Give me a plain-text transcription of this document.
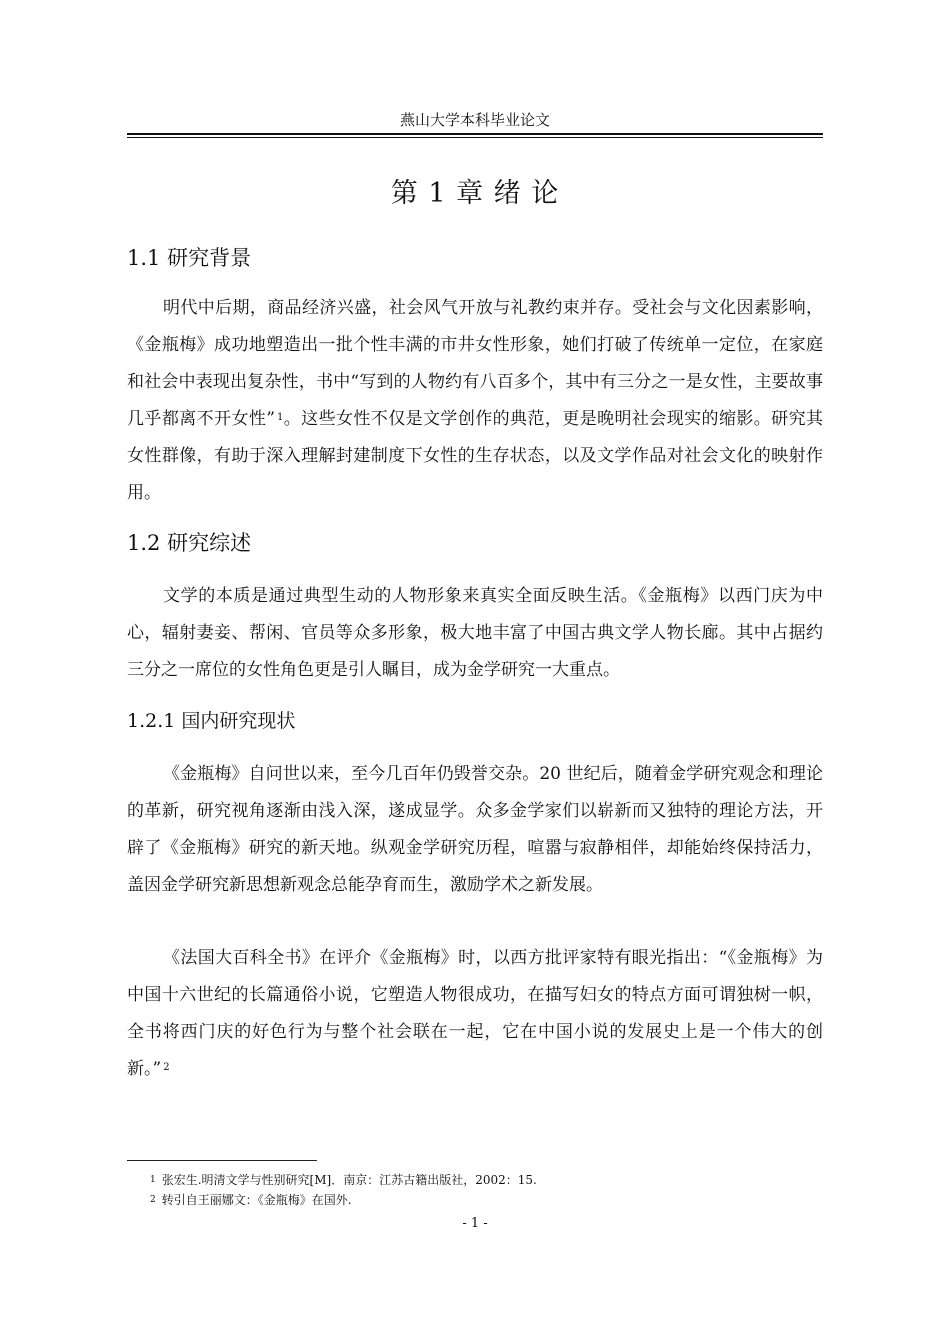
燕山大学本科毕业论文
第 1 章 绪 论
1.1 研究背景

明代中后期，商品经济兴盛，社会风气开放与礼教约束并存。受社会与文化因素影响，《金瓶梅》成功地塑造出一批个性丰满的市井女性形象，她们打破了传统单一定位，在家庭和社会中表现出复杂性，书中“写到的人物约有八百多个，其中有三分之一是女性，主要故事几乎都离不开女性” $^1$。这些女性不仅是文学创作的典范，更是晚明社会现实的缩影。研究其女性群像，有助于深入理解封建制度下女性的生存状态，以及文学作品对社会文化的映射作用。

1.2 研究综述

文学的本质是通过典型生动的人物形象来真实全面反映生活。《金瓶梅》以西门庆为中心，辐射妻妾、帮闲、官员等众多形象，极大地丰富了中国古典文学人物长廊。其中占据约三分之一席位的女性角色更是引人瞩目，成为金学研究一大重点。

1.2.1 国内研究现状

《金瓶梅》自问世以来，至今几百年仍毁誉交杂。20 世纪后，随着金学研究观念和理论的革新，研究视角逐渐由浅入深，遂成显学。众多金学家们以崭新而又独特的理论方法，开辟了《金瓶梅》研究的新天地。纵观金学研究历程，喧嚣与寂静相伴，却能始终保持活力，盖因金学研究新思想新观念总能孕育而生，激励学术之新发展。

《法国大百科全书》在评介《金瓶梅》时，以西方批评家特有眼光指出：“《金瓶梅》为中国十六世纪的长篇通俗小说，它塑造人物很成功，在描写妇女的特点方面可谓独树一帜，全书将西门庆的好色行为与整个社会联在一起，它在中国小说的发展史上是一个伟大的创新。” $^2$

$^1$ 张宏生.明清文学与性别研究[M]．南京：江苏古籍出版社，2002：15.
$^2$ 转引自王丽娜文：《金瓶梅》在国外.
- 1 -
